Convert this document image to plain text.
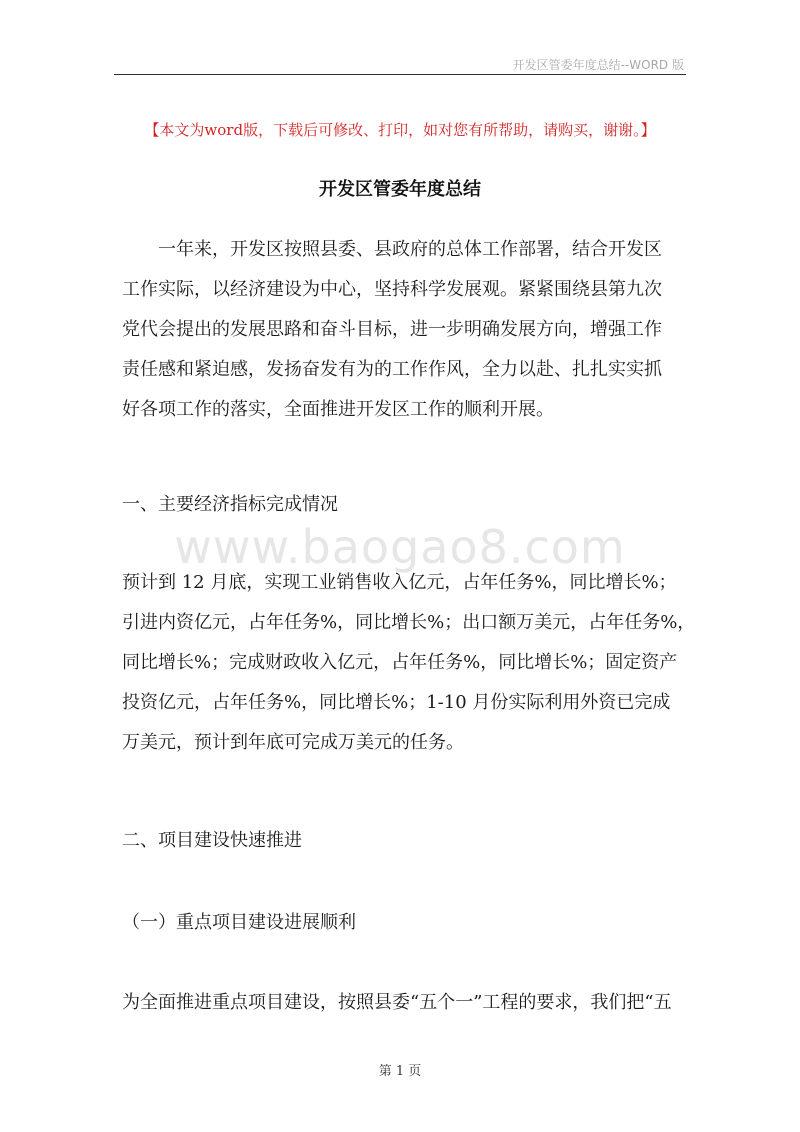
开发区管委年度总结--WORD 版
【本文为word版，下载后可修改、打印，如对您有所帮助，请购买，谢谢。】
开发区管委年度总结
一年来，开发区按照县委、县政府的总体工作部署，结合开发区
工作实际，以经济建设为中心，坚持科学发展观。紧紧围绕县第九次
党代会提出的发展思路和奋斗目标，进一步明确发展方向，增强工作
责任感和紧迫感，发扬奋发有为的工作作风，全力以赴、扎扎实实抓
好各项工作的落实，全面推进开发区工作的顺利开展。
一、主要经济指标完成情况
www.baogao8.com
预计到 12 月底，实现工业销售收入亿元，占年任务%，同比增长%；
引进内资亿元，占年任务%，同比增长%；出口额万美元，占年任务%，
同比增长%；完成财政收入亿元，占年任务%，同比增长%；固定资产
投资亿元，占年任务%，同比增长%；1-10 月份实际利用外资已完成
万美元，预计到年底可完成万美元的任务。
二、项目建设快速推进
（一）重点项目建设进展顺利
为全面推进重点项目建设，按照县委“五个一”工程的要求，我们把“五
第 1 页
